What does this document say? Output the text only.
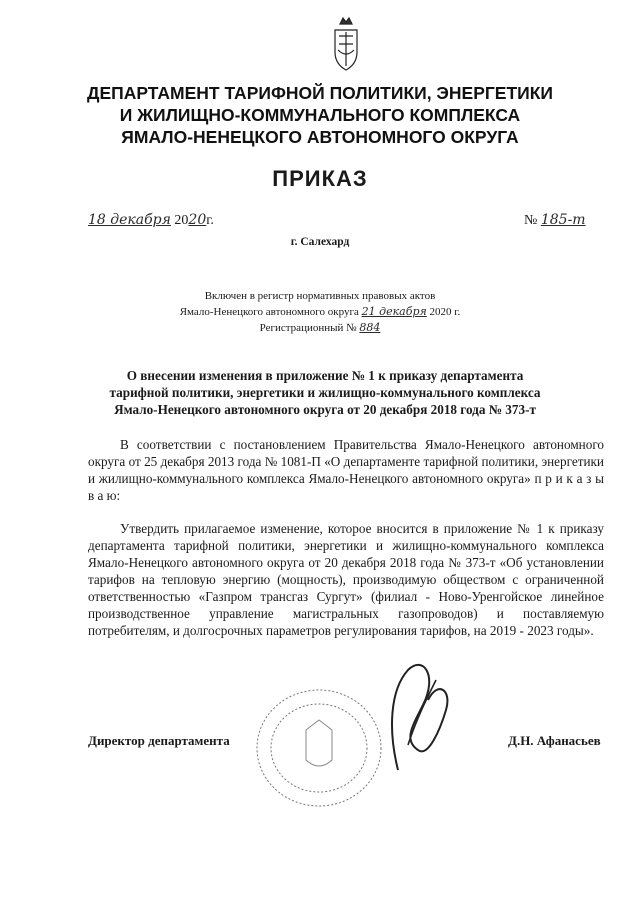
ДЕПАРТАМЕНТ ТАРИФНОЙ ПОЛИТИКИ, ЭНЕРГЕТИКИ
И ЖИЛИЩНО-КОММУНАЛЬНОГО КОМПЛЕКСА
ЯМАЛО-НЕНЕЦКОГО АВТОНОМНОГО ОКРУГА
ПРИКАЗ
18 декабря 2020г.	№ 185-т
г. Салехард
Включен в регистр нормативных правовых актов
Ямало-Ненецкого автономного округа 21 декабря 2020 г.
Регистрационный № 884
О внесении изменения в приложение № 1 к приказу департамента тарифной политики, энергетики и жилищно-коммунального комплекса Ямало-Ненецкого автономного округа от 20 декабря 2018 года № 373-т

В соответствии с постановлением Правительства Ямало-Ненецкого автономного округа от 25 декабря 2013 года № 1081-П «О департаменте тарифной политики, энергетики и жилищно-коммунального комплекса Ямало-Ненецкого автономного округа» п р и к а з ы в а ю:

Утвердить прилагаемое изменение, которое вносится в приложение № 1 к приказу департамента тарифной политики, энергетики и жилищно-коммунального комплекса Ямало-Ненецкого автономного округа от 20 декабря 2018 года № 373-т «Об установлении тарифов на тепловую энергию (мощность), производимую обществом с ограниченной ответственностью «Газпром трансгаз Сургут» (филиал - Ново-Уренгойское линейное производственное управление магистральных газопроводов) и поставляемую потребителям, и долгосрочных параметров регулирования тарифов, на 2019 - 2023 годы».

Директор департамента	Д.Н. Афанасьев
